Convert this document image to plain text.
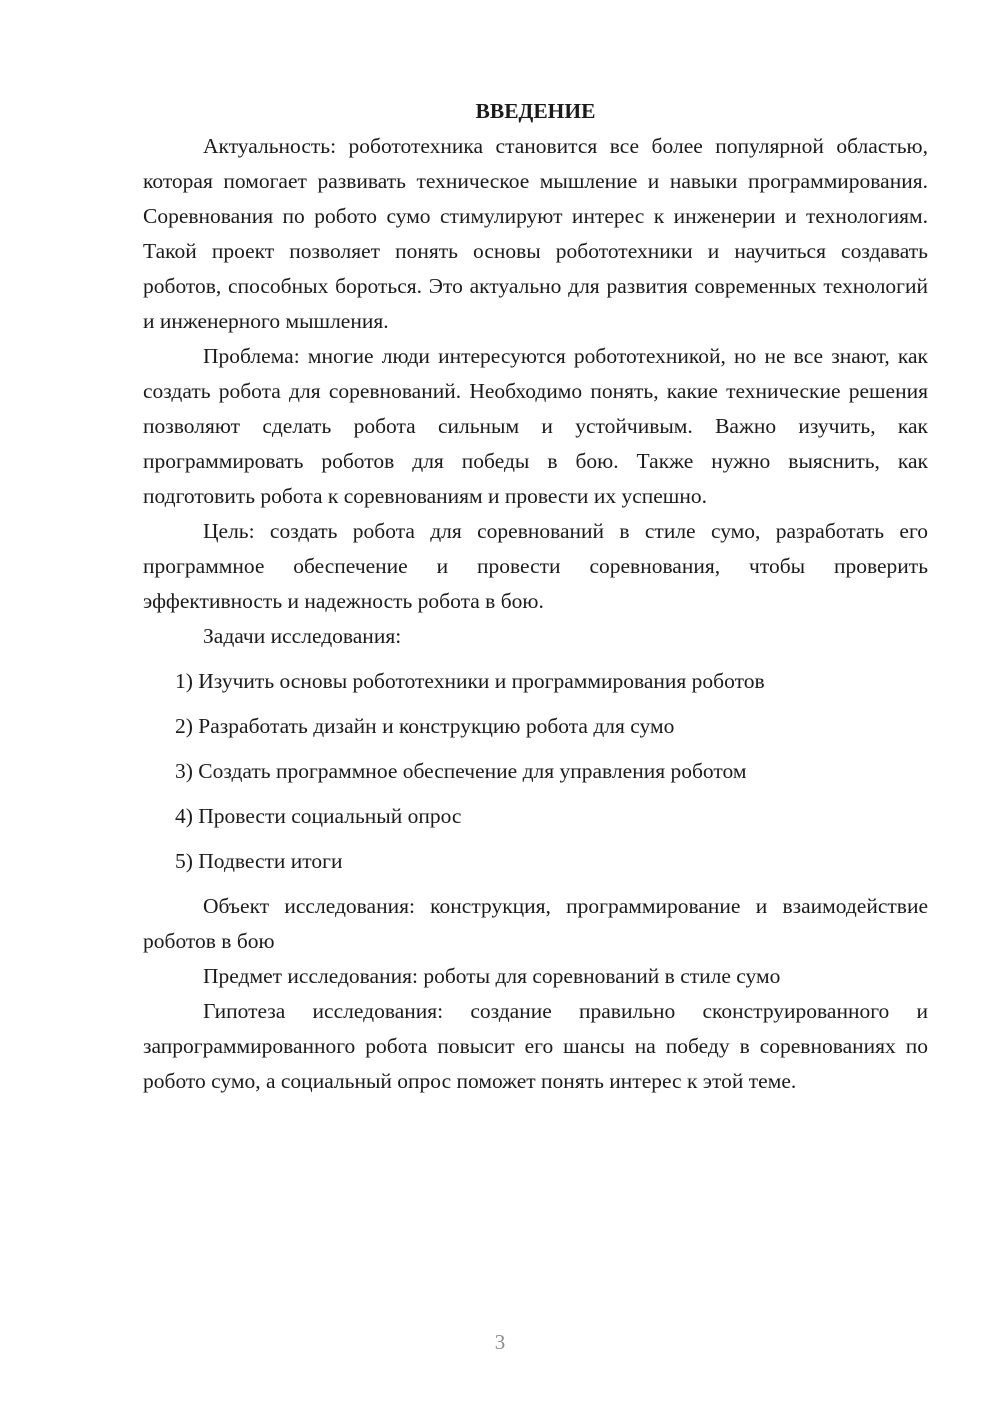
ВВЕДЕНИЕ

Актуальность: робототехника становится все более популярной областью, которая помогает развивать техническое мышление и навыки программирования. Соревнования по робото сумо стимулируют интерес к инженерии и технологиям. Такой проект позволяет понять основы робототехники и научиться создавать роботов, способных бороться. Это актуально для развития современных технологий и инженерного мышления.

Проблема: многие люди интересуются робототехникой, но не все знают, как создать робота для соревнований. Необходимо понять, какие технические решения позволяют сделать робота сильным и устойчивым. Важно изучить, как программировать роботов для победы в бою. Также нужно выяснить, как подготовить робота к соревнованиям и провести их успешно.

Цель: создать робота для соревнований в стиле сумо, разработать его программное обеспечение и провести соревнования, чтобы проверить эффективность и надежность робота в бою.

Задачи исследования:

1) Изучить основы робототехники и программирования роботов
2) Разработать дизайн и конструкцию робота для сумо
3) Создать программное обеспечение для управления роботом
4) Провести социальный опрос
5) Подвести итоги

Объект исследования: конструкция, программирование и взаимодействие роботов в бою

Предмет исследования: роботы для соревнований в стиле сумо

Гипотеза исследования: создание правильно сконструированного и запрограммированного робота повысит его шансы на победу в соревнованиях по робото сумо, а социальный опрос поможет понять интерес к этой теме.

3
